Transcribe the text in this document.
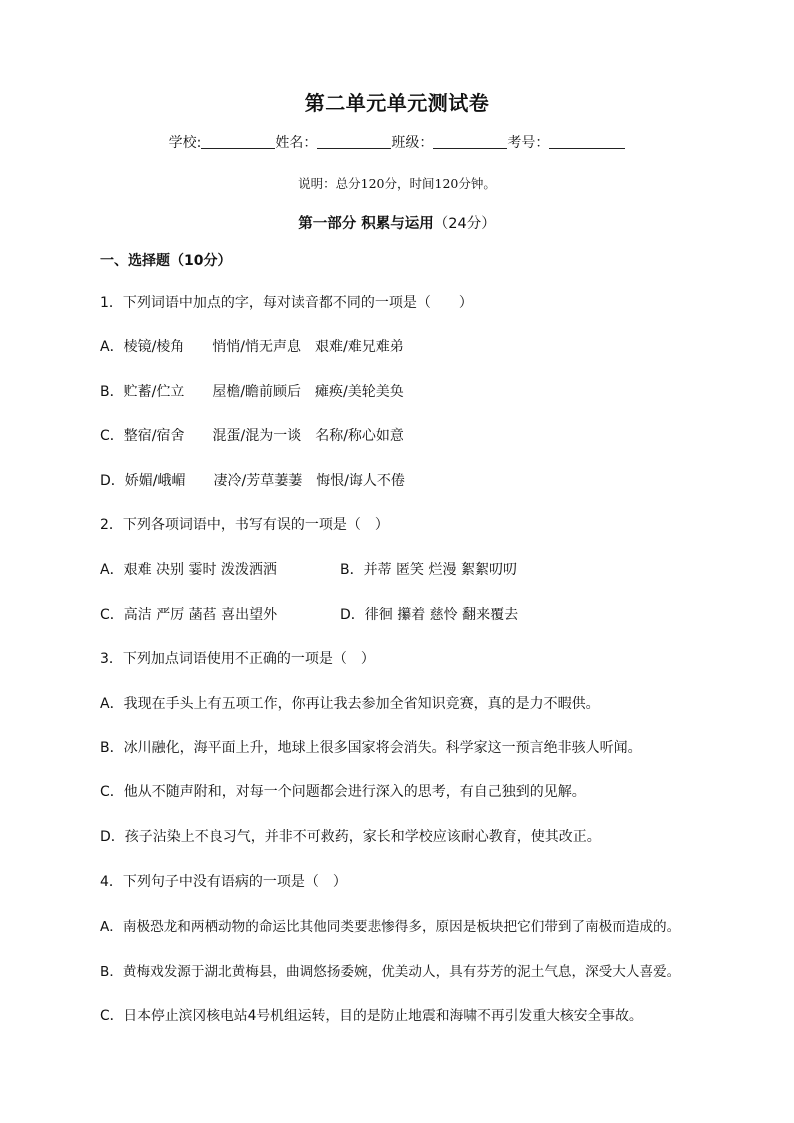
第二单元单元测试卷
学校:	姓名：	班级：	考号：
说明：总分120分，时间120分钟。
第一部分 积累与运用（24分）
一、选择题（10分）
1．下列词语中加点的字，每对读音都不同的一项是（　　）
A．棱镜/棱角 悄悄/悄无声息 艰难/难兄难弟
B．贮蓄/伫立 屋檐/瞻前顾后 瘫痪/美轮美奂
C．整宿/宿舍 混蛋/混为一谈 名称/称心如意
D．娇媚/峨嵋 凄冷/芳草萋萋 悔恨/诲人不倦
2．下列各项词语中，书写有误的一项是（　）
A．艰难 决别 霎时 泼泼洒洒	B．并蒂 匿笑 烂漫 絮絮叨叨
C．高洁 严厉 菡萏 喜出望外	D．徘徊 攥着 慈怜 翻来覆去
3．下列加点词语使用不正确的一项是（　）
A．我现在手头上有五项工作，你再让我去参加全省知识竞赛，真的是力不暇供。
B．冰川融化，海平面上升，地球上很多国家将会消失。科学家这一预言绝非骇人听闻。
C．他从不随声附和，对每一个问题都会进行深入的思考，有自己独到的见解。
D．孩子沾染上不良习气，并非不可救药，家长和学校应该耐心教育，使其改正。
4．下列句子中没有语病的一项是（　）
A．南极恐龙和两栖动物的命运比其他同类要悲惨得多，原因是板块把它们带到了南极而造成的。
B．黄梅戏发源于湖北黄梅县，曲调悠扬委婉，优美动人，具有芬芳的泥土气息，深受大人喜爱。
C．日本停止滨冈核电站4号机组运转，目的是防止地震和海啸不再引发重大核安全事故。
